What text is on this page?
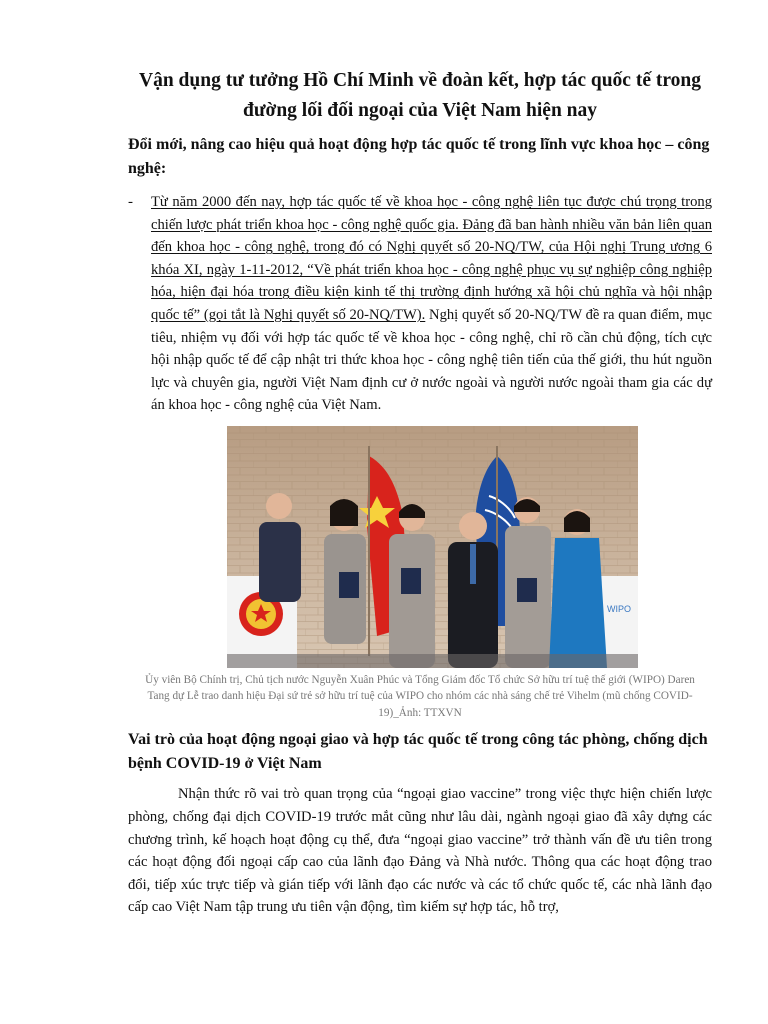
Vận dụng tư tưởng Hồ Chí Minh về đoàn kết, hợp tác quốc tế trong đường lối đối ngoại của Việt Nam hiện nay
Đổi mới, nâng cao hiệu quả hoạt động hợp tác quốc tế trong lĩnh vực khoa học – công nghệ:
-	Từ năm 2000 đến nay, hợp tác quốc tế về khoa học - công nghệ liên tục được chú trọng trong chiến lược phát triển khoa học - công nghệ quốc gia. Đảng đã ban hành nhiều văn bản liên quan đến khoa học - công nghệ, trong đó có Nghị quyết số 20-NQ/TW, của Hội nghị Trung ương 6 khóa XI, ngày 1-11-2012, “Về phát triển khoa học - công nghệ phục vụ sự nghiệp công nghiệp hóa, hiện đại hóa trong điều kiện kinh tế thị trường định hướng xã hội chủ nghĩa và hội nhập quốc tế” (gọi tắt là Nghị quyết số 20-NQ/TW). Nghị quyết số 20-NQ/TW đề ra quan điểm, mục tiêu, nhiệm vụ đối với hợp tác quốc tế về khoa học - công nghệ, chỉ rõ cần chủ động, tích cực hội nhập quốc tế để cập nhật tri thức khoa học - công nghệ tiên tiến của thế giới, thu hút nguồn lực và chuyên gia, người Việt Nam định cư ở nước ngoài và người nước ngoài tham gia các dự án khoa học - công nghệ của Việt Nam.

WIPO
Ủy viên Bộ Chính trị, Chủ tịch nước Nguyễn Xuân Phúc và Tổng Giám đốc Tổ chức Sở hữu trí tuệ thế giới (WIPO) Daren Tang dự Lễ trao danh hiệu Đại sứ trẻ sở hữu trí tuệ của WIPO cho nhóm các nhà sáng chế trẻ Vihelm (mũ chống COVID-19)_Ảnh: TTXVN
Vai trò của hoạt động ngoại giao và hợp tác quốc tế trong công tác phòng, chống dịch bệnh COVID-19 ở Việt Nam

Nhận thức rõ vai trò quan trọng của “ngoại giao vaccine” trong việc thực hiện chiến lược phòng, chống đại dịch COVID-19 trước mắt cũng như lâu dài, ngành ngoại giao đã xây dựng các chương trình, kế hoạch hoạt động cụ thể, đưa “ngoại giao vaccine” trở thành vấn đề ưu tiên trong các hoạt động đối ngoại cấp cao của lãnh đạo Đảng và Nhà nước. Thông qua các hoạt động trao đổi, tiếp xúc trực tiếp và gián tiếp với lãnh đạo các nước và các tổ chức quốc tế, các nhà lãnh đạo cấp cao Việt Nam tập trung ưu tiên vận động, tìm kiếm sự hợp tác, hỗ trợ,
